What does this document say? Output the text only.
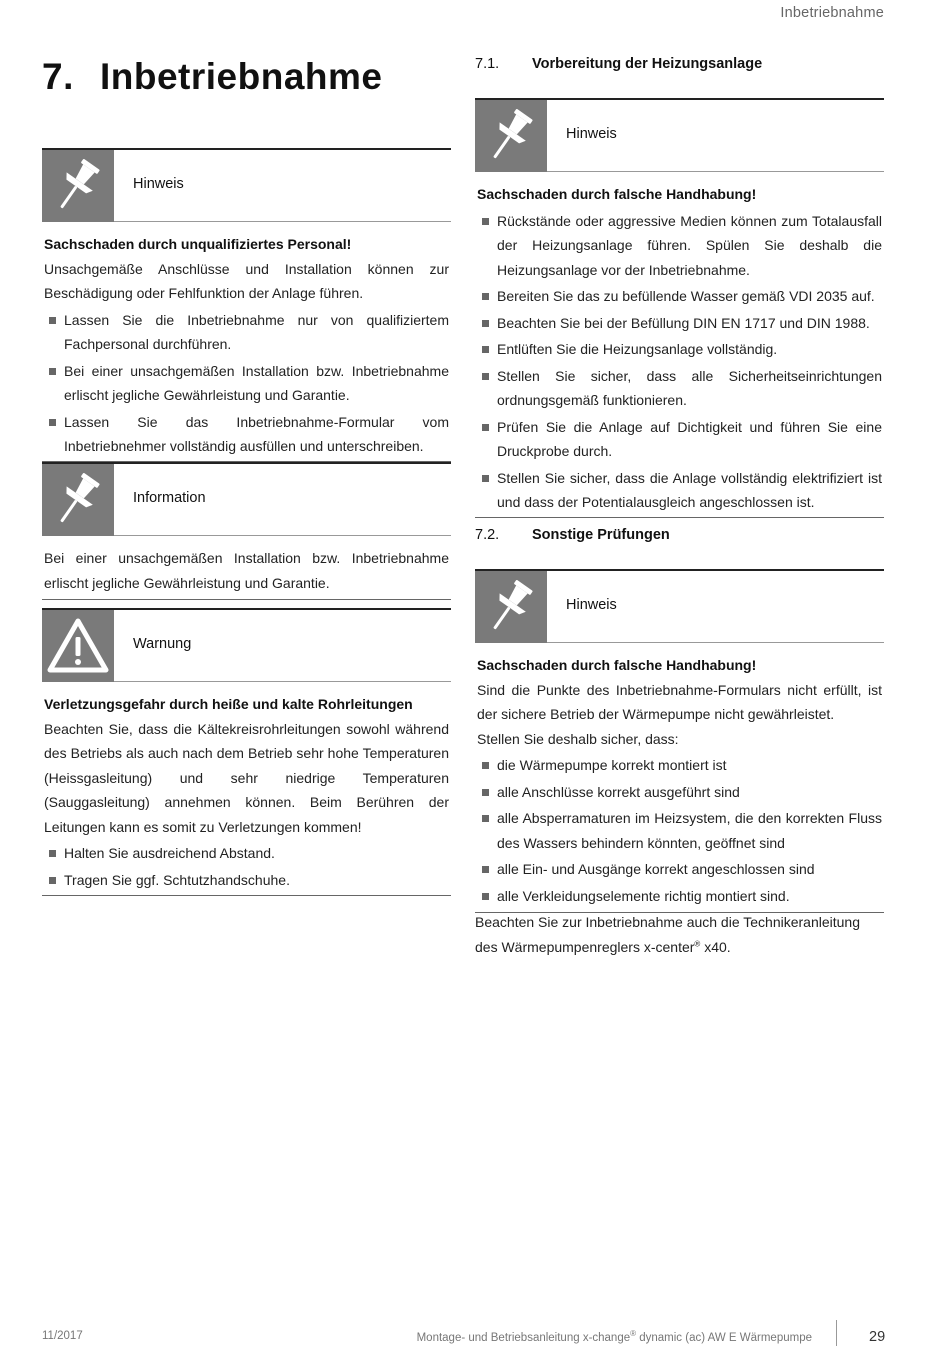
Inbetriebnahme
7. Inbetriebnahme
Hinweis
Sachschaden durch unqualifiziertes Personal!
Unsachgemäße Anschlüsse und Installation können zur Beschädigung oder Fehlfunktion der Anlage führen.
Lassen Sie die Inbetriebnahme nur von qualifiziertem Fachpersonal durchführen.
Bei einer unsachgemäßen Installation bzw. Inbetriebnahme erlischt jegliche Gewährleistung und Garantie.
Lassen Sie das Inbetriebnahme-Formular vom Inbetriebnehmer vollständig ausfüllen und unterschreiben.
Information
Bei einer unsachgemäßen Installation bzw. Inbetriebnahme erlischt jegliche Gewährleistung und Garantie.
Warnung
Verletzungsgefahr durch heiße und kalte Rohrleitungen
Beachten Sie, dass die Kältekreisrohrleitungen sowohl während des Betriebs als auch nach dem Betrieb sehr hohe Temperaturen (Heissgasleitung) und sehr niedrige Temperaturen (Sauggasleitung) annehmen können. Beim Berühren der Leitungen kann es somit zu Verletzungen kommen!
Halten Sie ausdreichend Abstand.
Tragen Sie ggf. Schtutzhandschuhe.
7.1. Vorbereitung der Heizungsanlage
Hinweis
Sachschaden durch falsche Handhabung!
Rückstände oder aggressive Medien können zum Totalausfall der Heizungsanlage führen. Spülen Sie deshalb die Heizungsanlage vor der Inbetriebnahme.
Bereiten Sie das zu befüllende Wasser gemäß VDI 2035 auf.
Beachten Sie bei der Befüllung DIN EN 1717 und DIN 1988.
Entlüften Sie die Heizungsanlage vollständig.
Stellen Sie sicher, dass alle Sicherheitseinrichtungen ordnungsgemäß funktionieren.
Prüfen Sie die Anlage auf Dichtigkeit und führen Sie eine Druckprobe durch.
Stellen Sie sicher, dass die Anlage vollständig elektrifiziert ist und dass der Potentialausgleich angeschlossen ist.
7.2. Sonstige Prüfungen
Hinweis
Sachschaden durch falsche Handhabung!
Sind die Punkte des Inbetriebnahme-Formulars nicht erfüllt, ist der sichere Betrieb der Wärmepumpe nicht gewährleistet.
Stellen Sie deshalb sicher, dass:
die Wärmepumpe korrekt montiert ist
alle Anschlüsse korrekt ausgeführt sind
alle Absperramaturen im Heizsystem, die den korrekten Fluss des Wassers behindern könnten, geöffnet sind
alle Ein- und Ausgänge korrekt angeschlossen sind
alle Verkleidungselemente richtig montiert sind.
Beachten Sie zur Inbetriebnahme auch die Technikeranleitung des Wärmepumpenreglers x-center® x40.
11/2017	Montage- und Betriebsanleitung x-change® dynamic (ac) AW E Wärmepumpe	29
